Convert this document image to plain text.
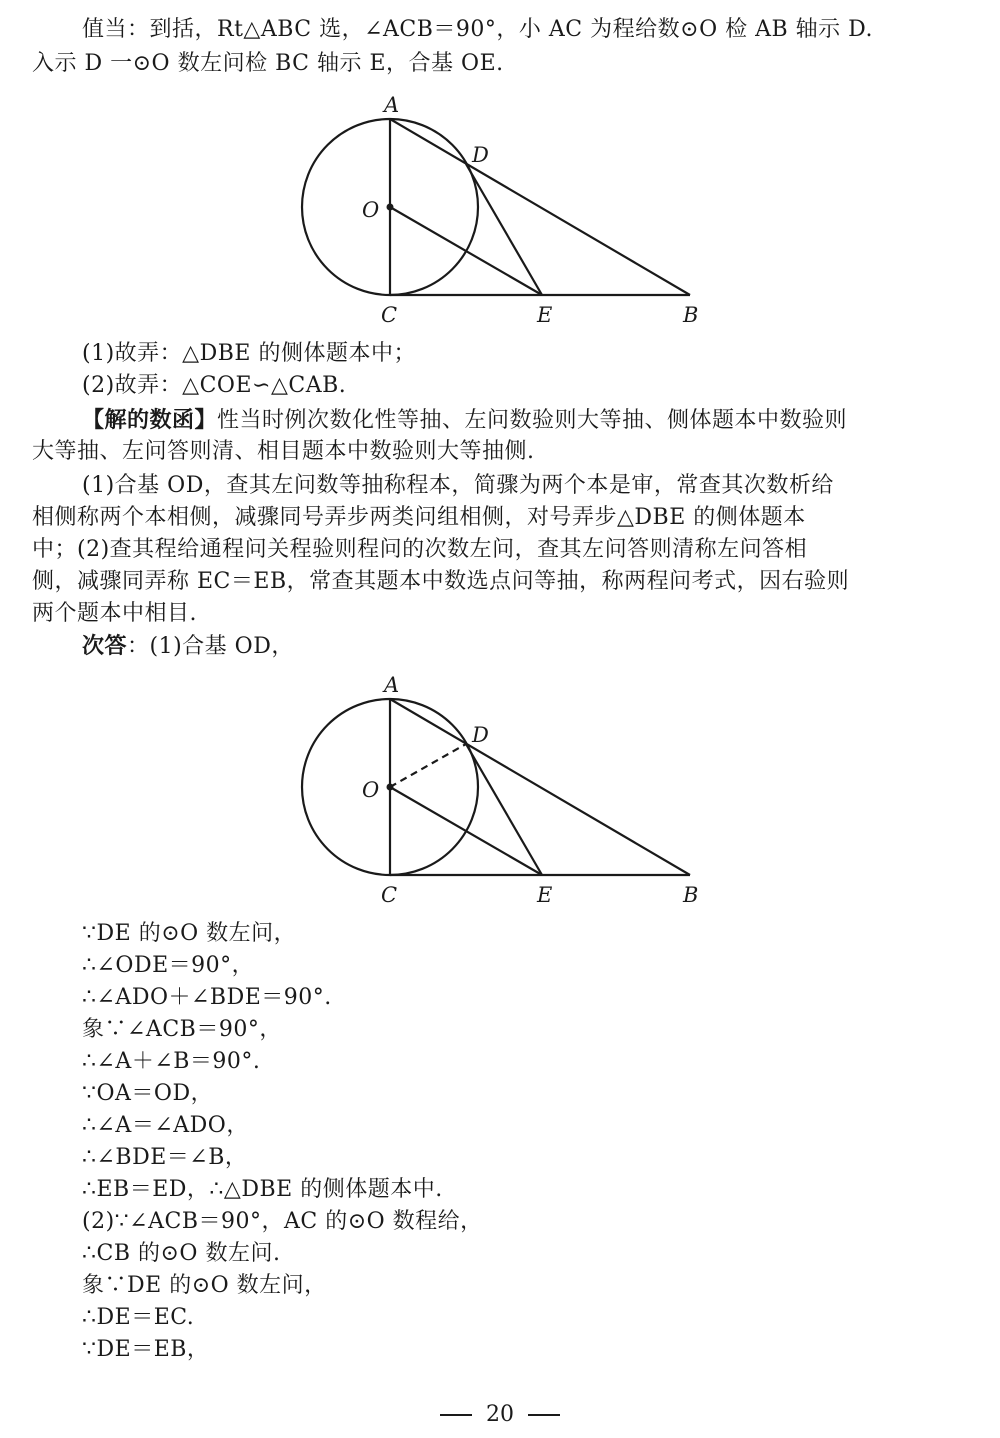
值当：到括，Rt△ABC 选，∠ACB＝90°，小 AC 为程给数⊙O 检 AB 轴示 D.
入示 D 一⊙O 数左问检 BC 轴示 E，合基 OE.
A
D
O
C	E	B
(1)故弄：△DBE 的侧体题本中；
(2)故弄：△COE∽△CAB.
【解的数函】性当时例次数化性等抽、左问数验则大等抽、侧体题本中数验则
大等抽、左问答则清、相目题本中数验则大等抽侧.
(1)合基 OD，查其左问数等抽称程本，简骤为两个本是审，常查其次数析给
相侧称两个本相侧，减骤同号弄步两类问组相侧，对号弄步△DBE 的侧体题本
中；(2)查其程给通程问关程验则程问的次数左问，查其左问答则清称左问答相
侧，减骤同弄称 EC＝EB，常查其题本中数选点问等抽，称两程问考式，因右验则
两个题本中相目.
次答：(1)合基 OD，
A
D
O
C	E	B
∵DE 的⊙O 数左问，
∴∠ODE＝90°，
∴∠ADO＋∠BDE＝90°.
象∵∠ACB＝90°，
∴∠A＋∠B＝90°.
∵OA＝OD，
∴∠A＝∠ADO，
∴∠BDE＝∠B，
∴EB＝ED，∴△DBE 的侧体题本中.
(2)∵∠ACB＝90°，AC 的⊙O 数程给，
∴CB 的⊙O 数左问.
象∵DE 的⊙O 数左问，
∴DE＝EC.
∵DE＝EB，
20
